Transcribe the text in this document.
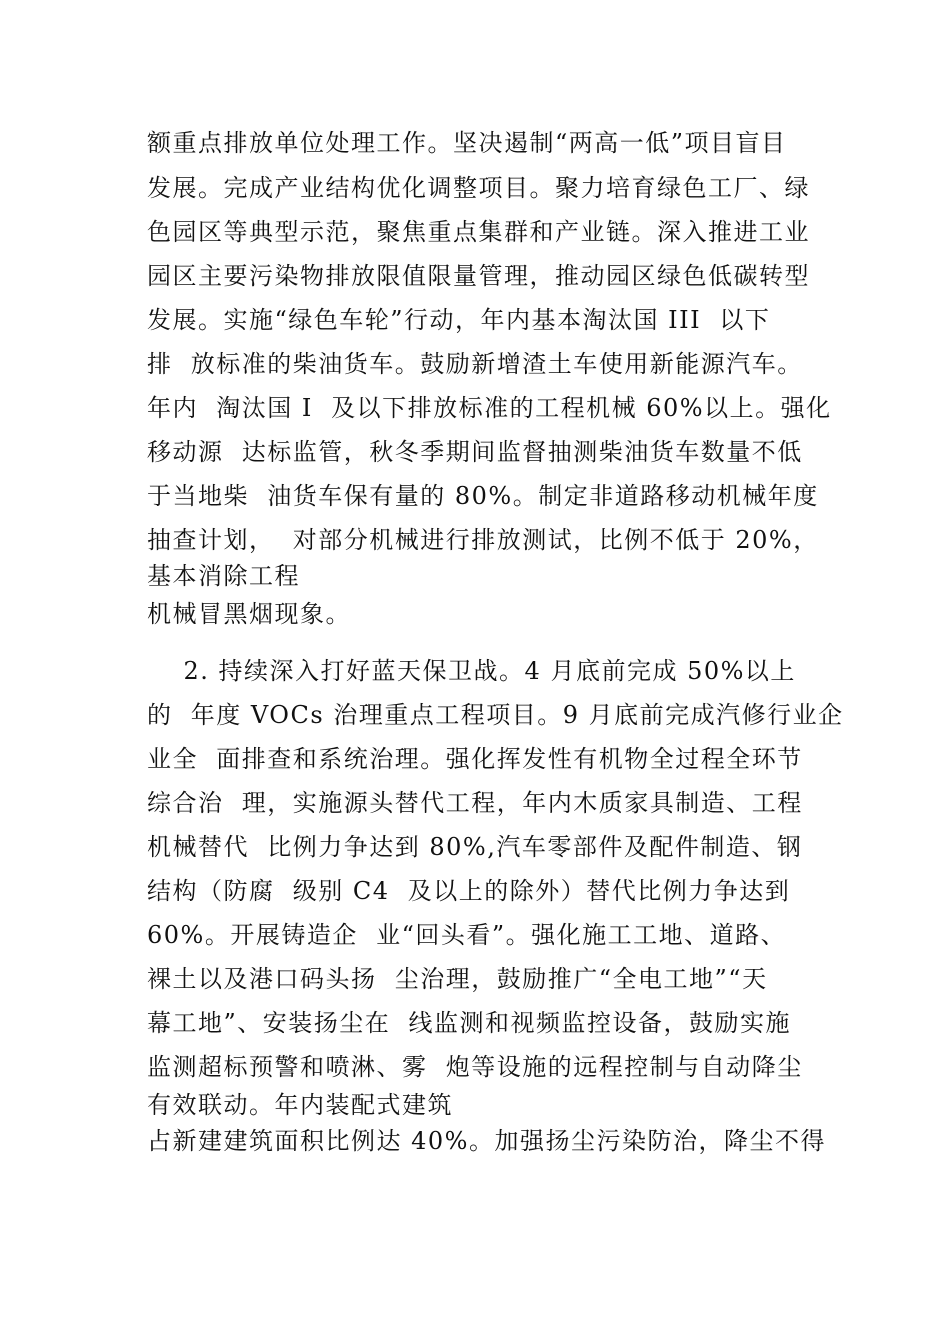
额重点排放单位处理工作。坚决遏制“两高一低”项目盲目
发展。完成产业结构优化调整项目。聚力培育绿色工厂、绿
色园区等典型示范，聚焦重点集群和产业链。深入推进工业
园区主要污染物排放限值限量管理，推动园区绿色低碳转型
发展。实施“绿色车轮”行动，年内基本淘汰国 III  以下
排  放标准的柴油货车。鼓励新增渣土车使用新能源汽车。
年内  淘汰国 I  及以下排放标准的工程机械 60%以上。强化
移动源  达标监管，秋冬季期间监督抽测柴油货车数量不低
于当地柴  油货车保有量的 80%。制定非道路移动机械年度
抽查计划，  对部分机械进行排放测试，比例不低于 20%，
基本消除工程
机械冒黑烟现象。
2. 持续深入打好蓝天保卫战。4 月底前完成 50%以上
的  年度 VOCs 治理重点工程项目。9 月底前完成汽修行业企
业全  面排查和系统治理。强化挥发性有机物全过程全环节
综合治  理，实施源头替代工程，年内木质家具制造、工程
机械替代  比例力争达到 80%,汽车零部件及配件制造、钢
结构（防腐  级别 C4  及以上的除外）替代比例力争达到
60%。开展铸造企  业“回头看”。强化施工工地、道路、
裸土以及港口码头扬  尘治理，鼓励推广“全电工地”“天
幕工地”、安装扬尘在  线监测和视频监控设备，鼓励实施
监测超标预警和喷淋、雾  炮等设施的远程控制与自动降尘
有效联动。年内装配式建筑
占新建建筑面积比例达 40%。加强扬尘污染防治，降尘不得
